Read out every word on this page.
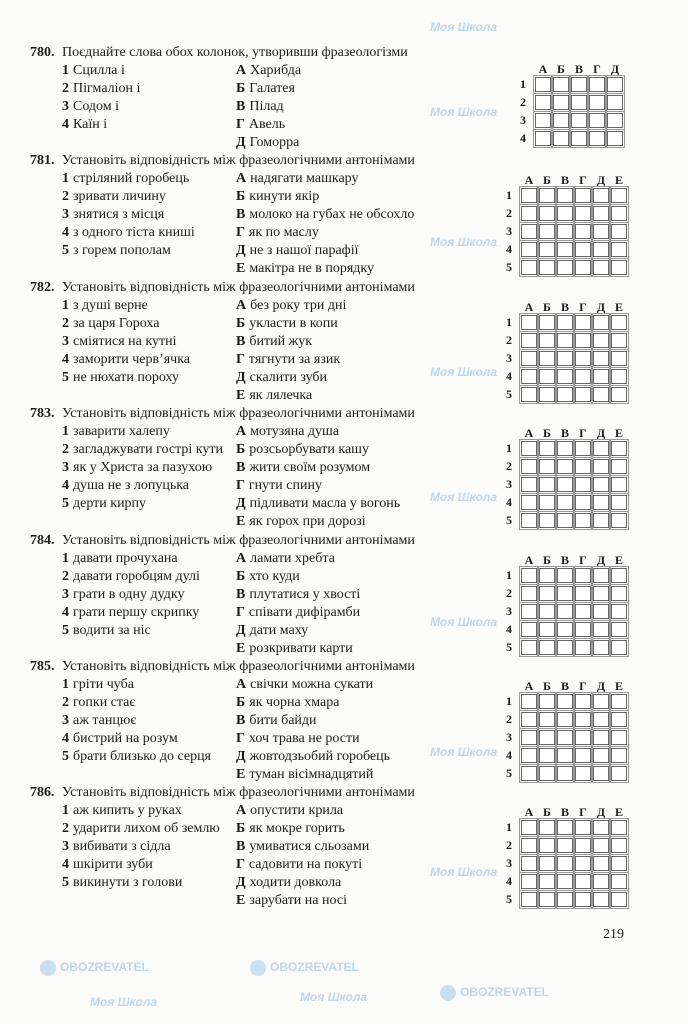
Моя Школа
Моя Школа
Моя Школа
Моя Школа
Моя Школа
Моя Школа
Моя Школа
Моя Школа
OBOZREVATEL	OBOZREVATEL
OBOZREVATEL
Моя Школа	Моя Школа
780. Поєднайте слова обох колонок, утворивши фразеологізми
1 Сцилла і
2 Пігмаліон і
3 Содом і
4 Каїн і
А Харибда
Б Галатея
В Пілад
Г Авель
Д Гоморра
А Б В Г Д
1
2
3
4
781. Установіть відповідність між фразеологічними антонімами
1 стріляний горобець
2 зривати личину
3 знятися з місця
4 з одного тіста книші
5 з горем пополам
А надягати машкару
Б кинути якір
В молоко на губах не обсохло
Г як по маслу
Д не з нашої парафії
Е макітра не в порядку
А Б В Г Д Е
1
2
3
4
5
782. Установіть відповідність між фразеологічними антонімами
1 з душі верне
2 за царя Гороха
3 сміятися на кутні
4 заморити черв’ячка
5 не нюхати пороху
А без року три дні
Б укласти в копи
В битий жук
Г тягнути за язик
Д скалити зуби
Е як лялечка
А Б В Г Д Е
1
2
3
4
5
783. Установіть відповідність між фразеологічними антонімами
1 заварити халепу
2 загладжувати гострі кути
3 як у Христа за пазухою
4 душа не з лопуцька
5 дерти кирпу
А мотузяна душа
Б розсьорбувати кашу
В жити своїм розумом
Г гнути спину
Д підливати масла у вогонь
Е як горох при дорозі
А Б В Г Д Е
1
2
3
4
5
784. Установіть відповідність між фразеологічними антонімами
1 давати прочухана
2 давати горобцям дулі
3 грати в одну дудку
4 грати першу скрипку
5 водити за ніс
А ламати хребта
Б хто куди
В плутатися у хвості
Г співати дифірамби
Д дати маху
Е розкривати карти
А Б В Г Д Е
1
2
3
4
5
785. Установіть відповідність між фразеологічними антонімами
1 гріти чуба
2 гопки стає
3 аж танцює
4 бистрий на розум
5 брати близько до серця
А свічки можна сукати
Б як чорна хмара
В бити байди
Г хоч трава не рости
Д жовтодзьобий горобець
Е туман вісімнадцятий
А Б В Г Д Е
1
2
3
4
5
786. Установіть відповідність між фразеологічними антонімами
1 аж кипить у руках
2 ударити лихом об землю
3 вибивати з сідла
4 шкірити зуби
5 викинути з голови
А опустити крила
Б як мокре горить
В умиватися сльозами
Г садовити на покуті
Д ходити довкола
Е зарубати на носі
А Б В Г Д Е
1
2
3
4
5
219
